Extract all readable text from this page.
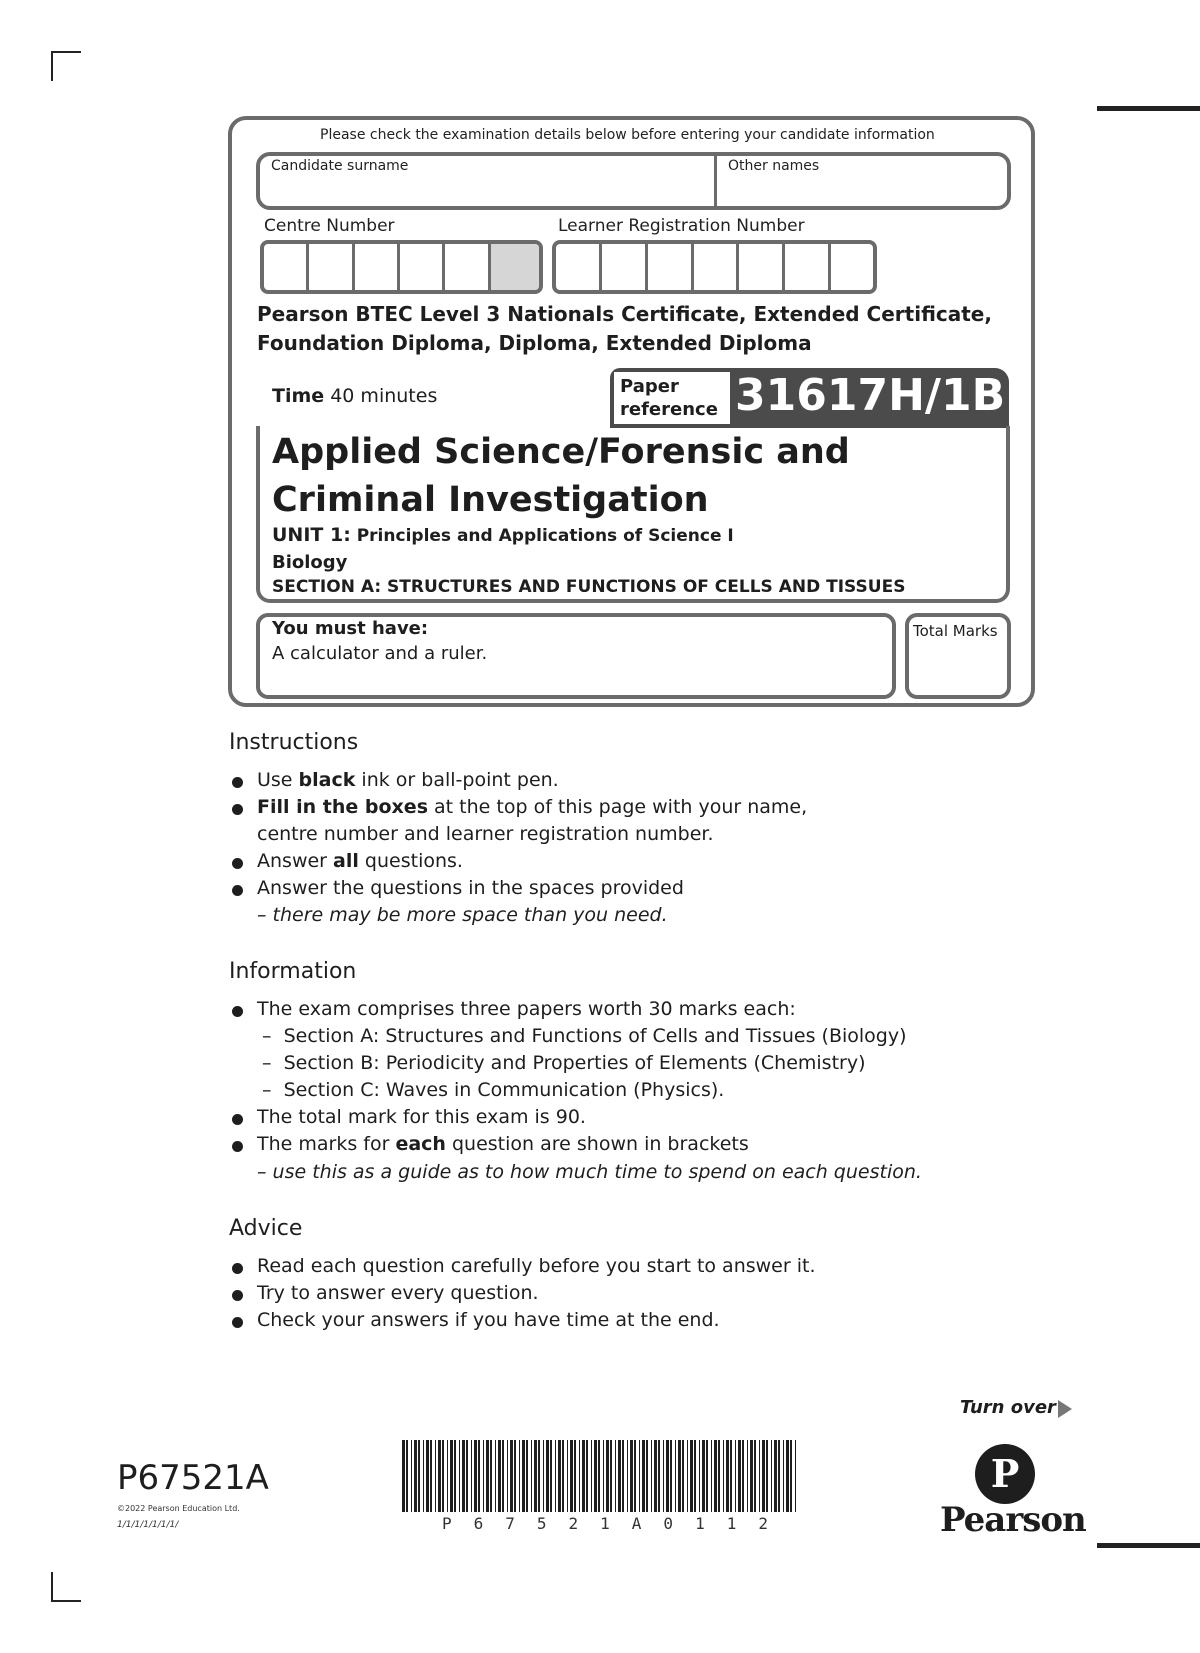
Please check the examination details below before entering your candidate information
Candidate surname	Other names
Centre Number	Learner Registration Number
Pearson BTEC Level 3 Nationals Certificate, Extended Certificate,
Foundation Diploma, Diploma, Extended Diploma
Time 40 minutes	Paper
reference 31617H/1B
Applied Science/Forensic and
Criminal Investigation
UNIT 1: Principles and Applications of Science I
Biology
SECTION A: STRUCTURES AND FUNCTIONS OF CELLS AND TISSUES
You must have:
A calculator and a ruler.
Total Marks
Instructions
Use black ink or ball-point pen.
Fill in the boxes at the top of this page with your name,
centre number and learner registration number.
Answer all questions.
Answer the questions in the spaces provided
– there may be more space than you need.
Information
The exam comprises three papers worth 30 marks each:
–  Section A: Structures and Functions of Cells and Tissues (Biology)
–  Section B: Periodicity and Properties of Elements (Chemistry)
–  Section C: Waves in Communication (Physics).
The total mark for this exam is 90.
The marks for each question are shown in brackets
– use this as a guide as to how much time to spend on each question.
Advice
Read each question carefully before you start to answer it.
Try to answer every question.
Check your answers if you have time at the end.
Turn over
P67521A
©2022 Pearson Education Ltd.
1/1/1/1/1/1/1/	P67521A0112
P
Pearson
